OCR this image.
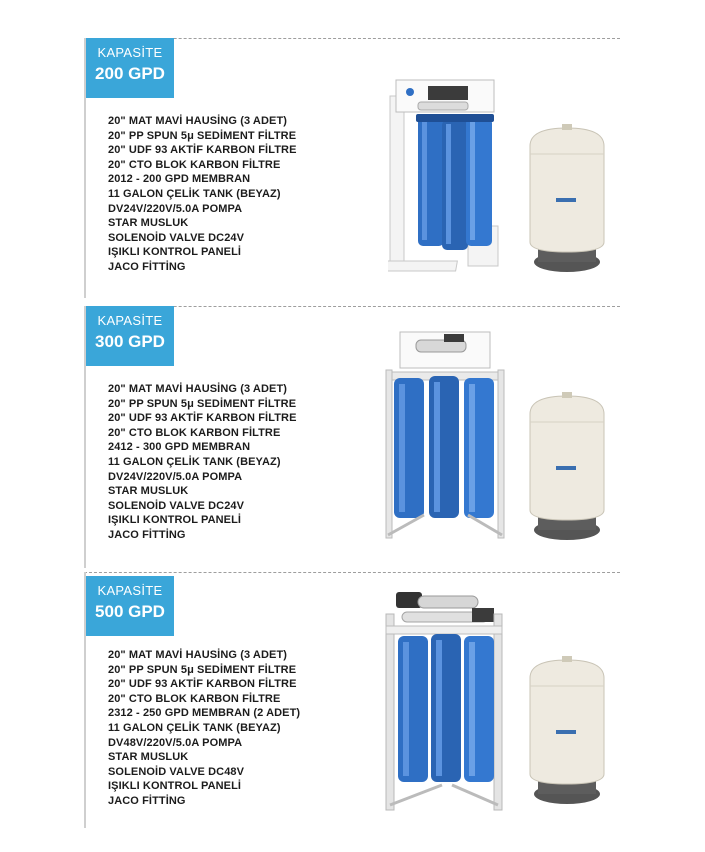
KAPASİTE
200 GPD
20" MAT MAVİ HAUSİNG (3 ADET)
20" PP SPUN 5μ SEDİMENT FİLTRE
20" UDF 93 AKTİF KARBON FİLTRE
20" CTO BLOK KARBON FİLTRE
2012 - 200 GPD MEMBRAN
11 GALON ÇELİK TANK (BEYAZ)
DV24V/220V/5.0A POMPA
STAR MUSLUK
SOLENOİD VALVE DC24V
IŞIKLI KONTROL PANELİ
JACO FİTTİNG
KAPASİTE
300 GPD
20" MAT MAVİ HAUSİNG (3 ADET)
20" PP SPUN 5μ SEDİMENT FİLTRE
20" UDF 93 AKTİF KARBON FİLTRE
20" CTO BLOK KARBON FİLTRE
2412 - 300 GPD MEMBRAN
11 GALON ÇELİK TANK (BEYAZ)
DV24V/220V/5.0A POMPA
STAR MUSLUK
SOLENOİD VALVE DC24V
IŞIKLI KONTROL PANELİ
JACO FİTTİNG
KAPASİTE
500 GPD
20" MAT MAVİ HAUSİNG (3 ADET)
20" PP SPUN 5μ SEDİMENT FİLTRE
20" UDF 93 AKTİF KARBON FİLTRE
20" CTO BLOK KARBON FİLTRE
2312 - 250 GPD MEMBRAN (2 ADET)
11 GALON ÇELİK TANK (BEYAZ)
DV48V/220V/5.0A POMPA
STAR MUSLUK
SOLENOİD VALVE DC48V
IŞIKLI KONTROL PANELİ
JACO FİTTİNG
